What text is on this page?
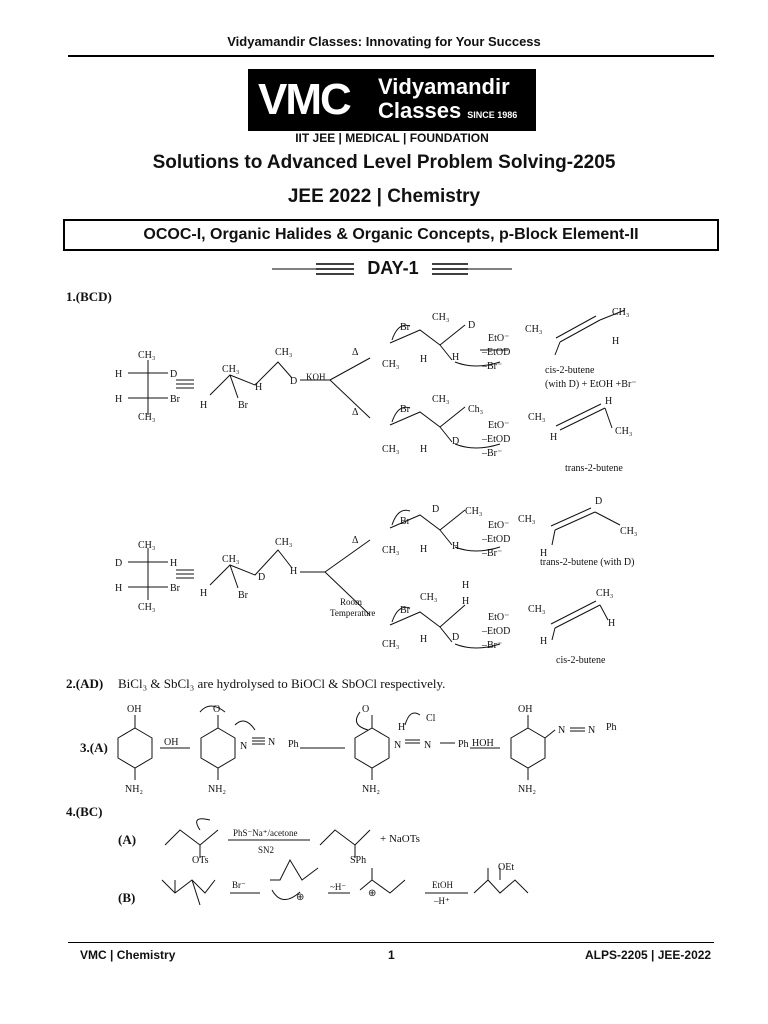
Vidyamandir Classes: Innovating for Your Success
VMC Vidyamandir
Classes SINCE 1986
IIT JEE | MEDICAL | FOUNDATION
Solutions to Advanced Level Problem Solving-2205
JEE 2022 | Chemistry
OCOC-I, Organic Halides & Organic Concepts, p-Block Element-II
DAY-1
1.(BCD)
CH₃
H	D
H	Br
CH₃
H
CH₃
Br
H
CH₃
D
Br
CH₃
D
CH₃ H H
Br
CH₃
Ch₃
CH₃ H
D
CH₃
CH₃
H
CH₃
H
CH₃
H
H
CH₃
Br
D
CH₃
H
CH₃
D	H
H	Br
CH₃
Br
D	CH₃
CH₃ H H
Br
CH₃
H
H
CH₃ H D
CH₃
D
CH₃
H
CH₃
CH₃
H
H
KOH
Δ
Δ
Δ
EtO⁻
–EtOD
–Br⁻
EtO⁻
–EtOD
–Br⁻
EtO⁻
–EtOD
–Br⁻
EtO⁻
–EtOD
–Br⁻
cis-2-butene
(with D) + EtOH +Br⁻
trans-2-butene
trans-2-butene (with D)
Room
Temperature
cis-2-butene
2.(AD) BiCl₃ & SbCl₃ are hydrolysed to BiOCl & SbOCl respectively.
3.(A)
OH
NH₂
O
NH₂
N N
O
H
N N
NH₂
OH
NH₂
N N
OH	Ph	Ph HOH
Cl
Ph
4.(BC)
(A)
(B)	⊕
⊕
PhS⁻Na⁺/acetone
SN2
OTs	SPh
+ NaOTs
Br⁻	~H⁻	EtOH
–H⁺
OEt
VMC | Chemistry	1	ALPS-2205 | JEE-2022
